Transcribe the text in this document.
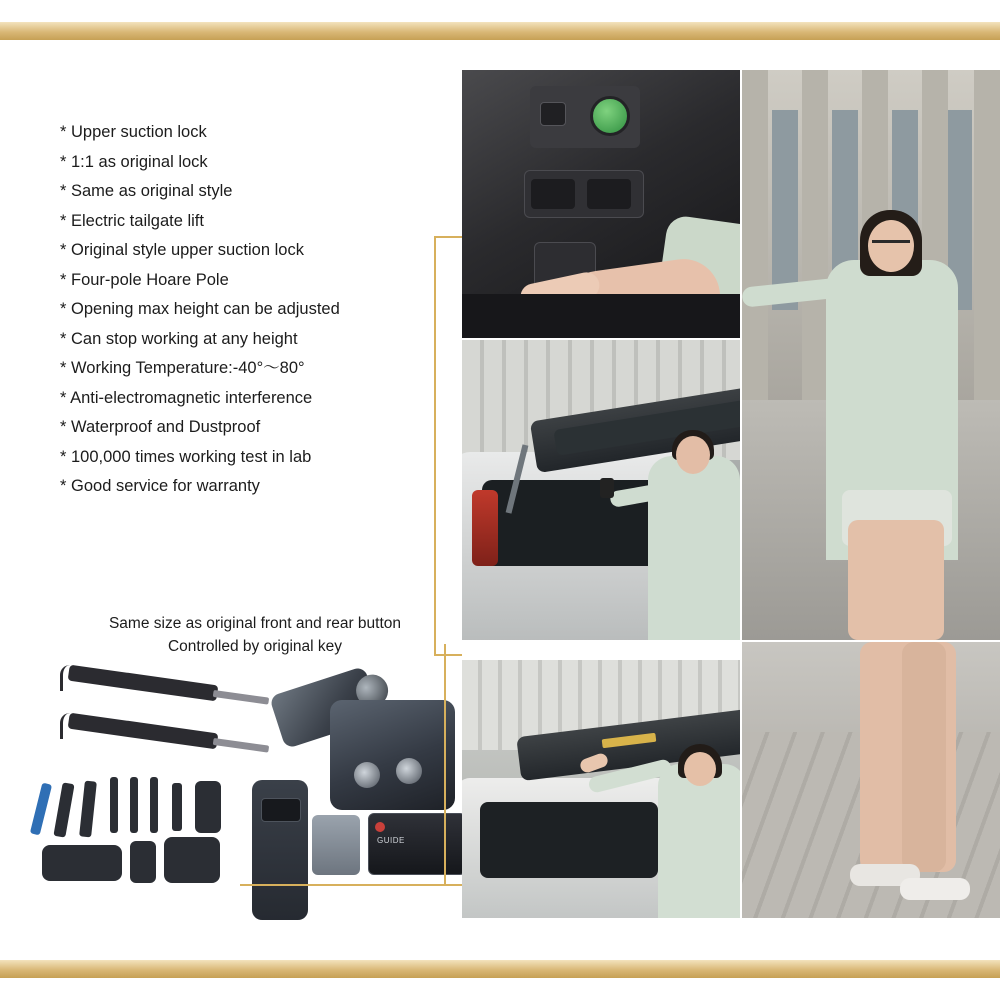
* Upper suction lock
* 1:1 as original lock
* Same as original style
* Electric tailgate lift
* Original style upper suction lock
* Four-pole Hoare Pole
* Opening max height can be adjusted
* Can stop working at any height
* Working Temperature:-40°～80°
* Anti-electromagnetic interference
* Waterproof and Dustproof
* 100,000 times working test in lab
* Good service for warranty
Same size as original front and rear button
Controlled by original key
GUIDE
